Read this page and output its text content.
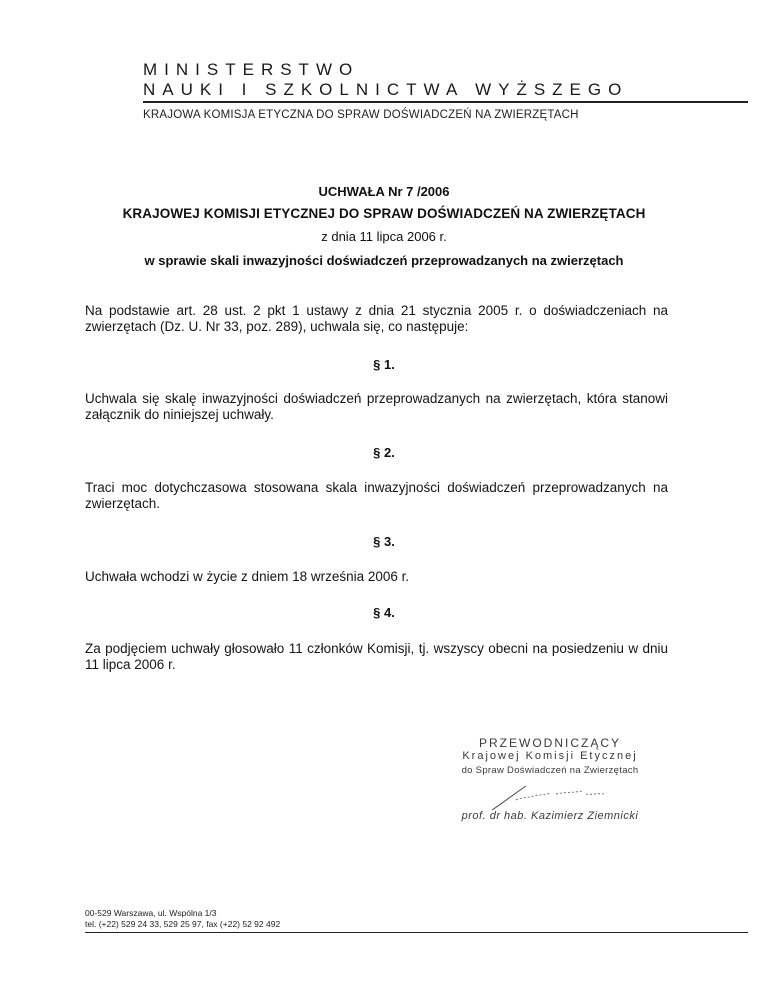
MINISTERSTWO
NAUKI I SZKOLNICTWA WYŻSZEGO
KRAJOWA KOMISJA ETYCZNA DO SPRAW DOŚWIADCZEŃ NA ZWIERZĘTACH
UCHWAŁA Nr 7 /2006
KRAJOWEJ KOMISJI ETYCZNEJ DO SPRAW DOŚWIADCZEŃ NA ZWIERZĘTACH
z dnia 11 lipca 2006 r.
w sprawie skali inwazyjności doświadczeń przeprowadzanych na zwierzętach
Na podstawie art. 28 ust. 2 pkt 1 ustawy z dnia 21 stycznia 2005 r. o doświadczeniach na zwierzętach (Dz. U. Nr 33, poz. 289), uchwala się, co następuje:
§ 1.
Uchwala się skalę inwazyjności doświadczeń przeprowadzanych na zwierzętach, która stanowi załącznik do niniejszej uchwały.
§ 2.
Traci moc dotychczasowa stosowana skala inwazyjności doświadczeń przeprowadzanych na zwierzętach.
§ 3.
Uchwała wchodzi w życie z dniem 18 września 2006 r.
§ 4.
Za podjęciem uchwały głosowało 11 członków Komisji, tj. wszyscy obecni na posiedzeniu w dniu 11 lipca 2006 r.
PRZEWODNICZĄCY
Krajowej Komisji Etycznej
do Spraw Doświadczeń na Zwierzętach
prof. dr hab. Kazimierz Ziemnicki
00-529 Warszawa, ul. Wspólna 1/3
tel. (+22) 529 24 33, 529 25 97, fax (+22) 52 92 492
